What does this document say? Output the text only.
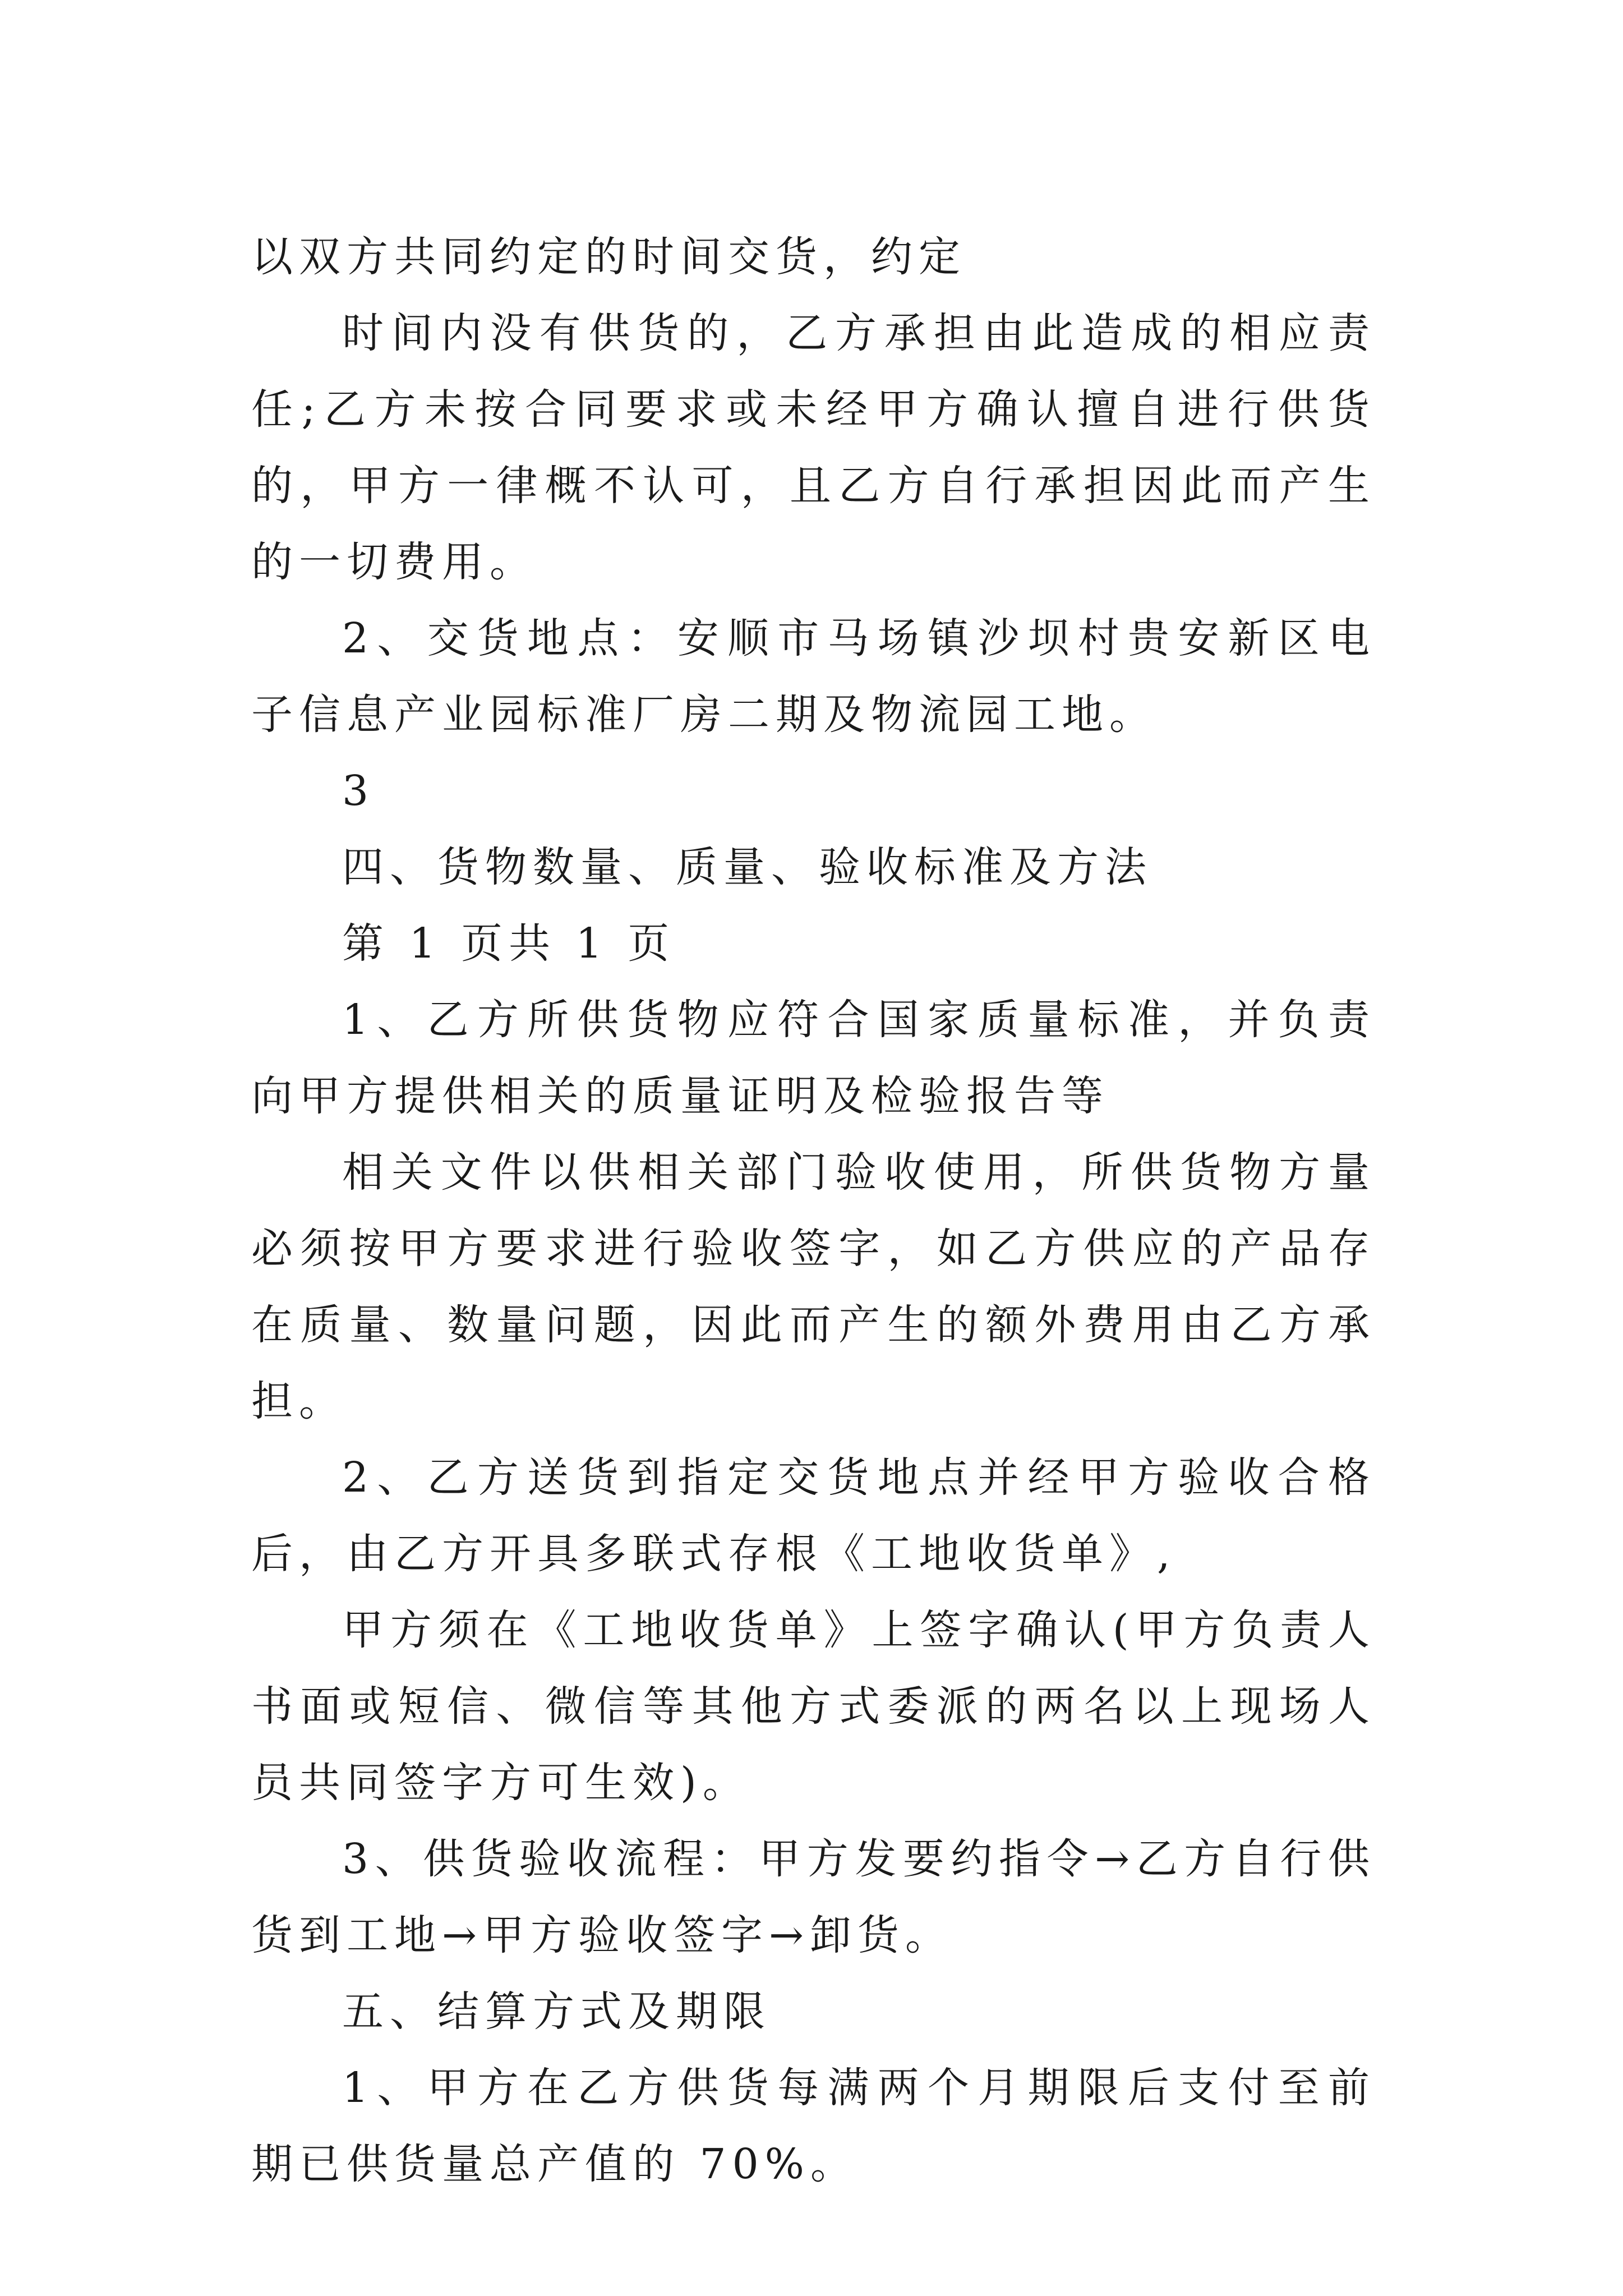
以双方共同约定的时间交货，约定

时间内没有供货的，乙方承担由此造成的相应责任;乙方未按合同要求或未经甲方确认擅自进行供货的，甲方一律概不认可，且乙方自行承担因此而产生的一切费用。

2、交货地点：安顺市马场镇沙坝村贵安新区电子信息产业园标准厂房二期及物流园工地。

3

四、货物数量、质量、验收标准及方法

第 1 页共 1 页

1、乙方所供货物应符合国家质量标准，并负责向甲方提供相关的质量证明及检验报告等

相关文件以供相关部门验收使用，所供货物方量必须按甲方要求进行验收签字，如乙方供应的产品存在质量、数量问题，因此而产生的额外费用由乙方承担。

2、乙方送货到指定交货地点并经甲方验收合格后，由乙方开具多联式存根《工地收货单》,

甲方须在《工地收货单》上签字确认(甲方负责人书面或短信、微信等其他方式委派的两名以上现场人员共同签字方可生效)。

3、供货验收流程：甲方发要约指令→乙方自行供货到工地→甲方验收签字→卸货。

五、结算方式及期限

1、甲方在乙方供货每满两个月期限后支付至前期已供货量总产值的 70%。
